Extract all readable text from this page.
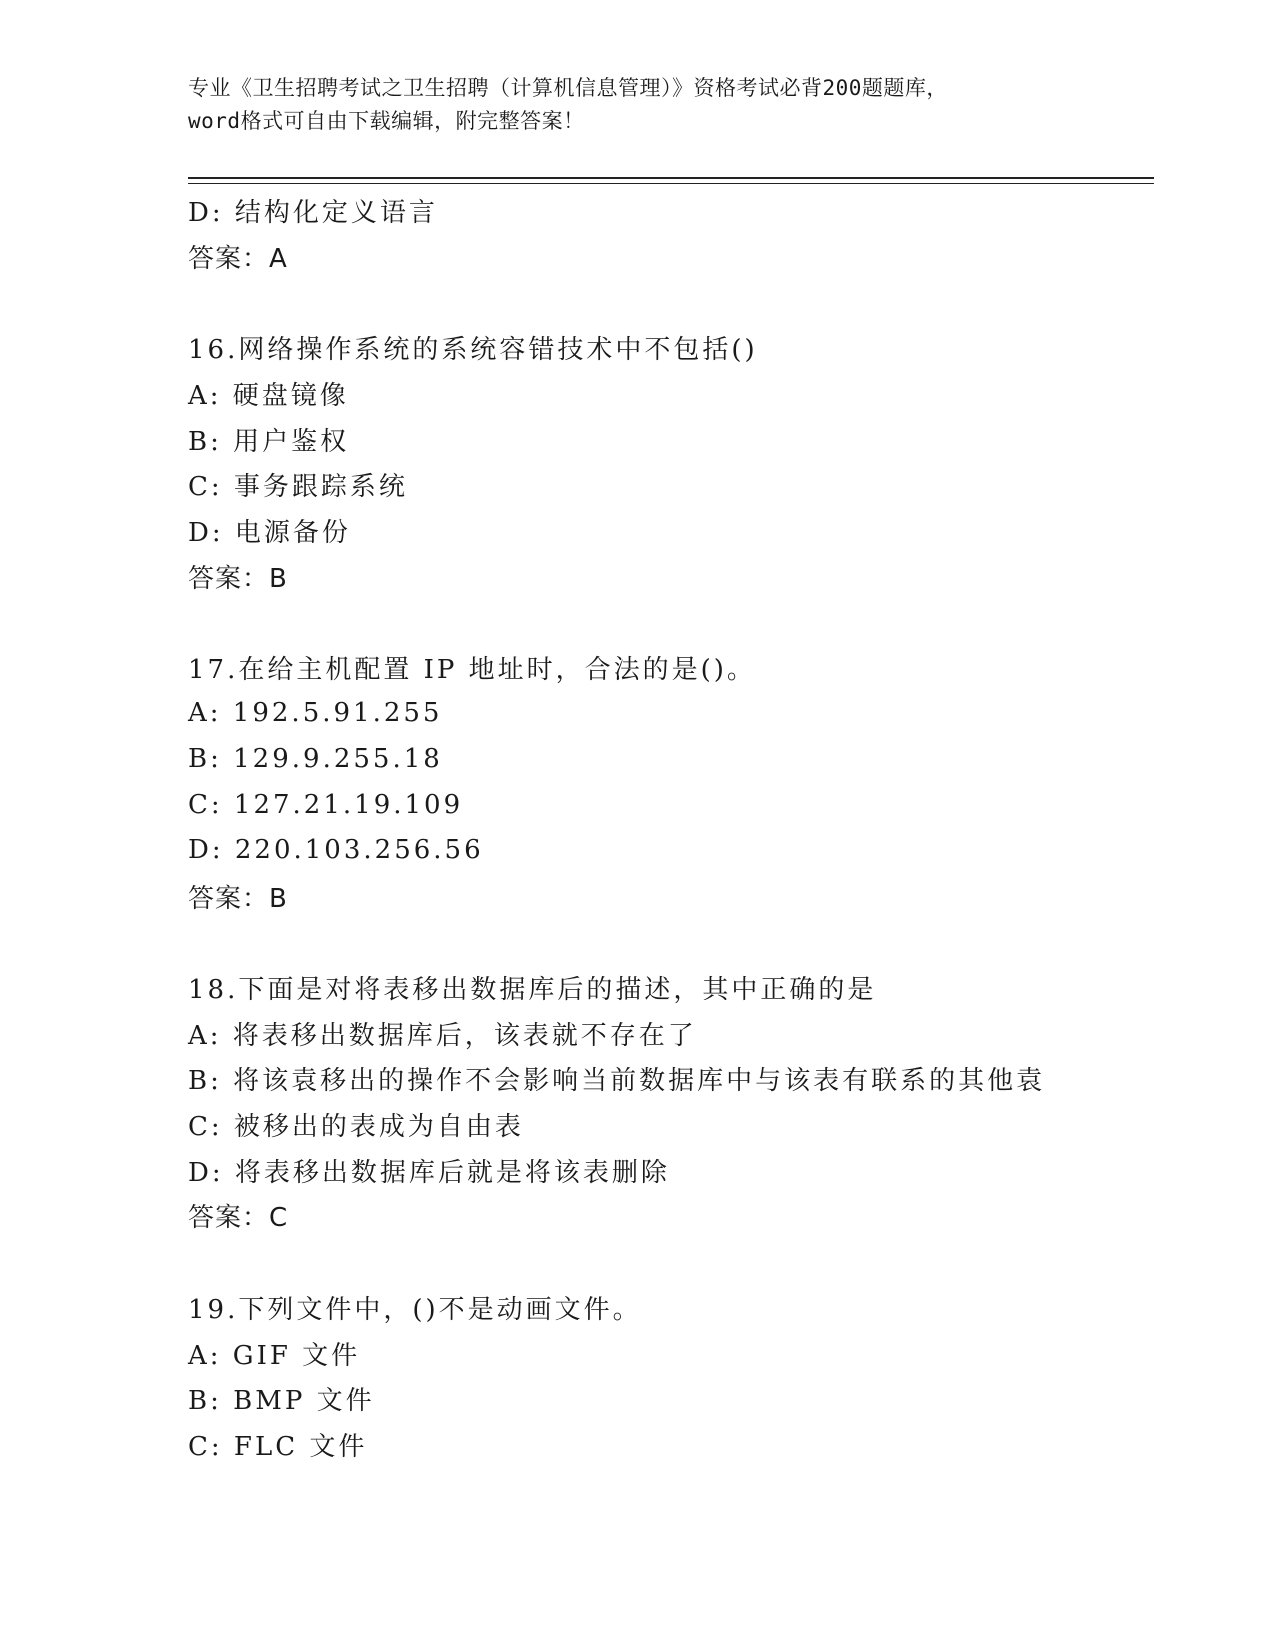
专业《卫生招聘考试之卫生招聘（计算机信息管理）》资格考试必背200题题库，
word格式可自由下载编辑，附完整答案！
D: 结构化定义语言
答案：A
16.网络操作系统的系统容错技术中不包括()
A: 硬盘镜像
B: 用户鉴权
C: 事务跟踪系统
D: 电源备份
答案：B
17.在给主机配置 IP 地址时，合法的是()。
A: 192.5.91.255
B: 129.9.255.18
C: 127.21.19.109
D: 220.103.256.56
答案：B
18.下面是对将表移出数据库后的描述，其中正确的是
A: 将表移出数据库后，该表就不存在了
B: 将该袁移出的操作不会影响当前数据库中与该表有联系的其他袁
C: 被移出的表成为自由表
D: 将表移出数据库后就是将该表删除
答案：C
19.下列文件中，()不是动画文件。
A: GIF 文件
B: BMP 文件
C: FLC 文件
